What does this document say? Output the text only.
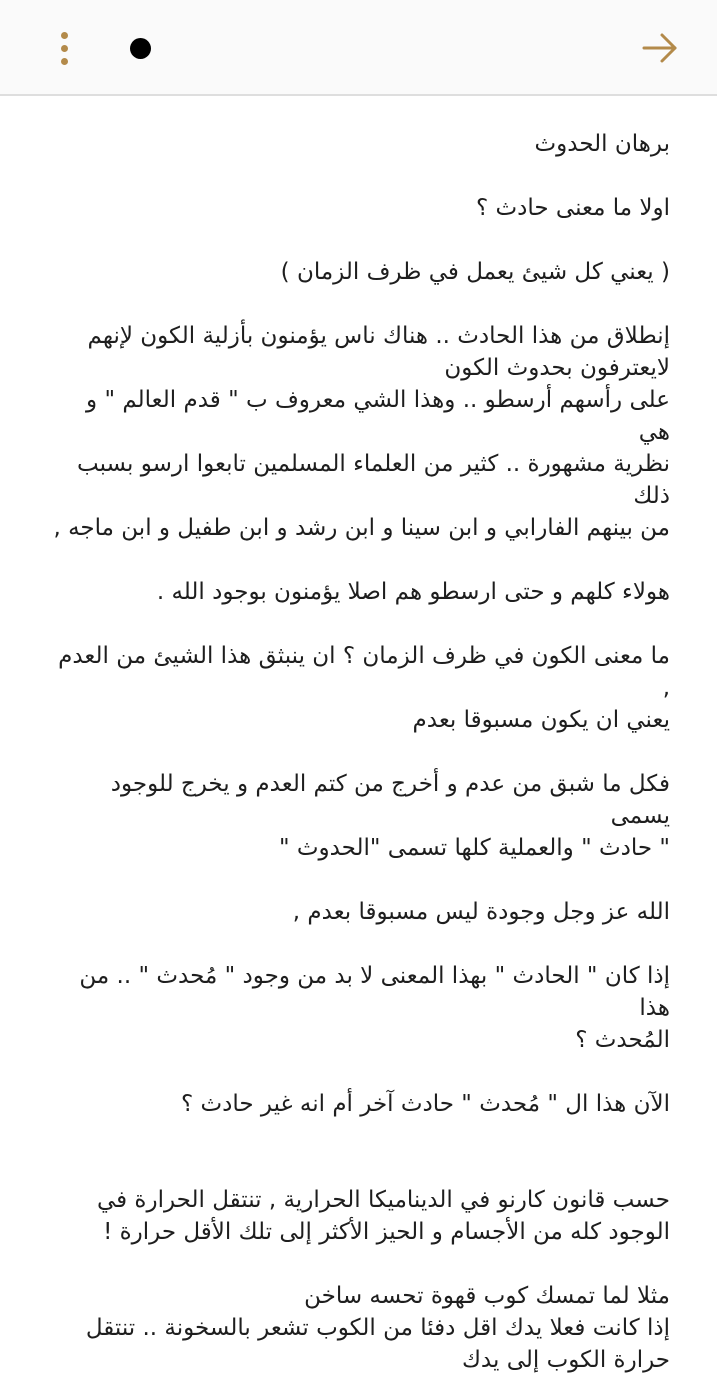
برهان الحدوث

اولا ما معنى حادث ؟

( يعني كل شيئ يعمل في ظرف الزمان )

إنطلاق من هذا الحادث .. هناك ناس يؤمنون بأزلية الكون لإنهم

لايعترفون بحدوث الكون

على رأسهم أرسطو .. وهذا الشي معروف ب " قدم العالم " و هي

نظرية مشهورة .. كثير من العلماء المسلمين تابعوا ارسو بسبب ذلك

من بينهم الفارابي و ابن سينا و ابن رشد و ابن طفيل و ابن ماجه ,

هولاء كلهم و حتى ارسطو هم اصلا يؤمنون بوجود الله .

ما معنى الكون في ظرف الزمان ؟ ان ينبثق هذا الشيئ من العدم ,

يعني ان يكون مسبوقا بعدم

فكل ما شبق من عدم و أخرج من كتم العدم و يخرج للوجود يسمى

" حادث " والعملية كلها تسمى "الحدوث "

الله عز وجل وجودة ليس مسبوقا بعدم ,

إذا كان " الحادث " بهذا المعنى لا بد من وجود " مُحدث " .. من هذا

المُحدث ؟

الآن هذا ال " مُحدث " حادث آخر أم انه غير حادث ؟

حسب قانون كارنو في الديناميكا الحرارية , تنتقل الحرارة في

الوجود كله من الأجسام و الحيز الأكثر إلى تلك الأقل حرارة !

مثلا لما تمسك كوب قهوة تحسه ساخن

إذا كانت فعلا يدك اقل دفئا من الكوب تشعر بالسخونة .. تنتقل

حرارة الكوب إلى يدك
